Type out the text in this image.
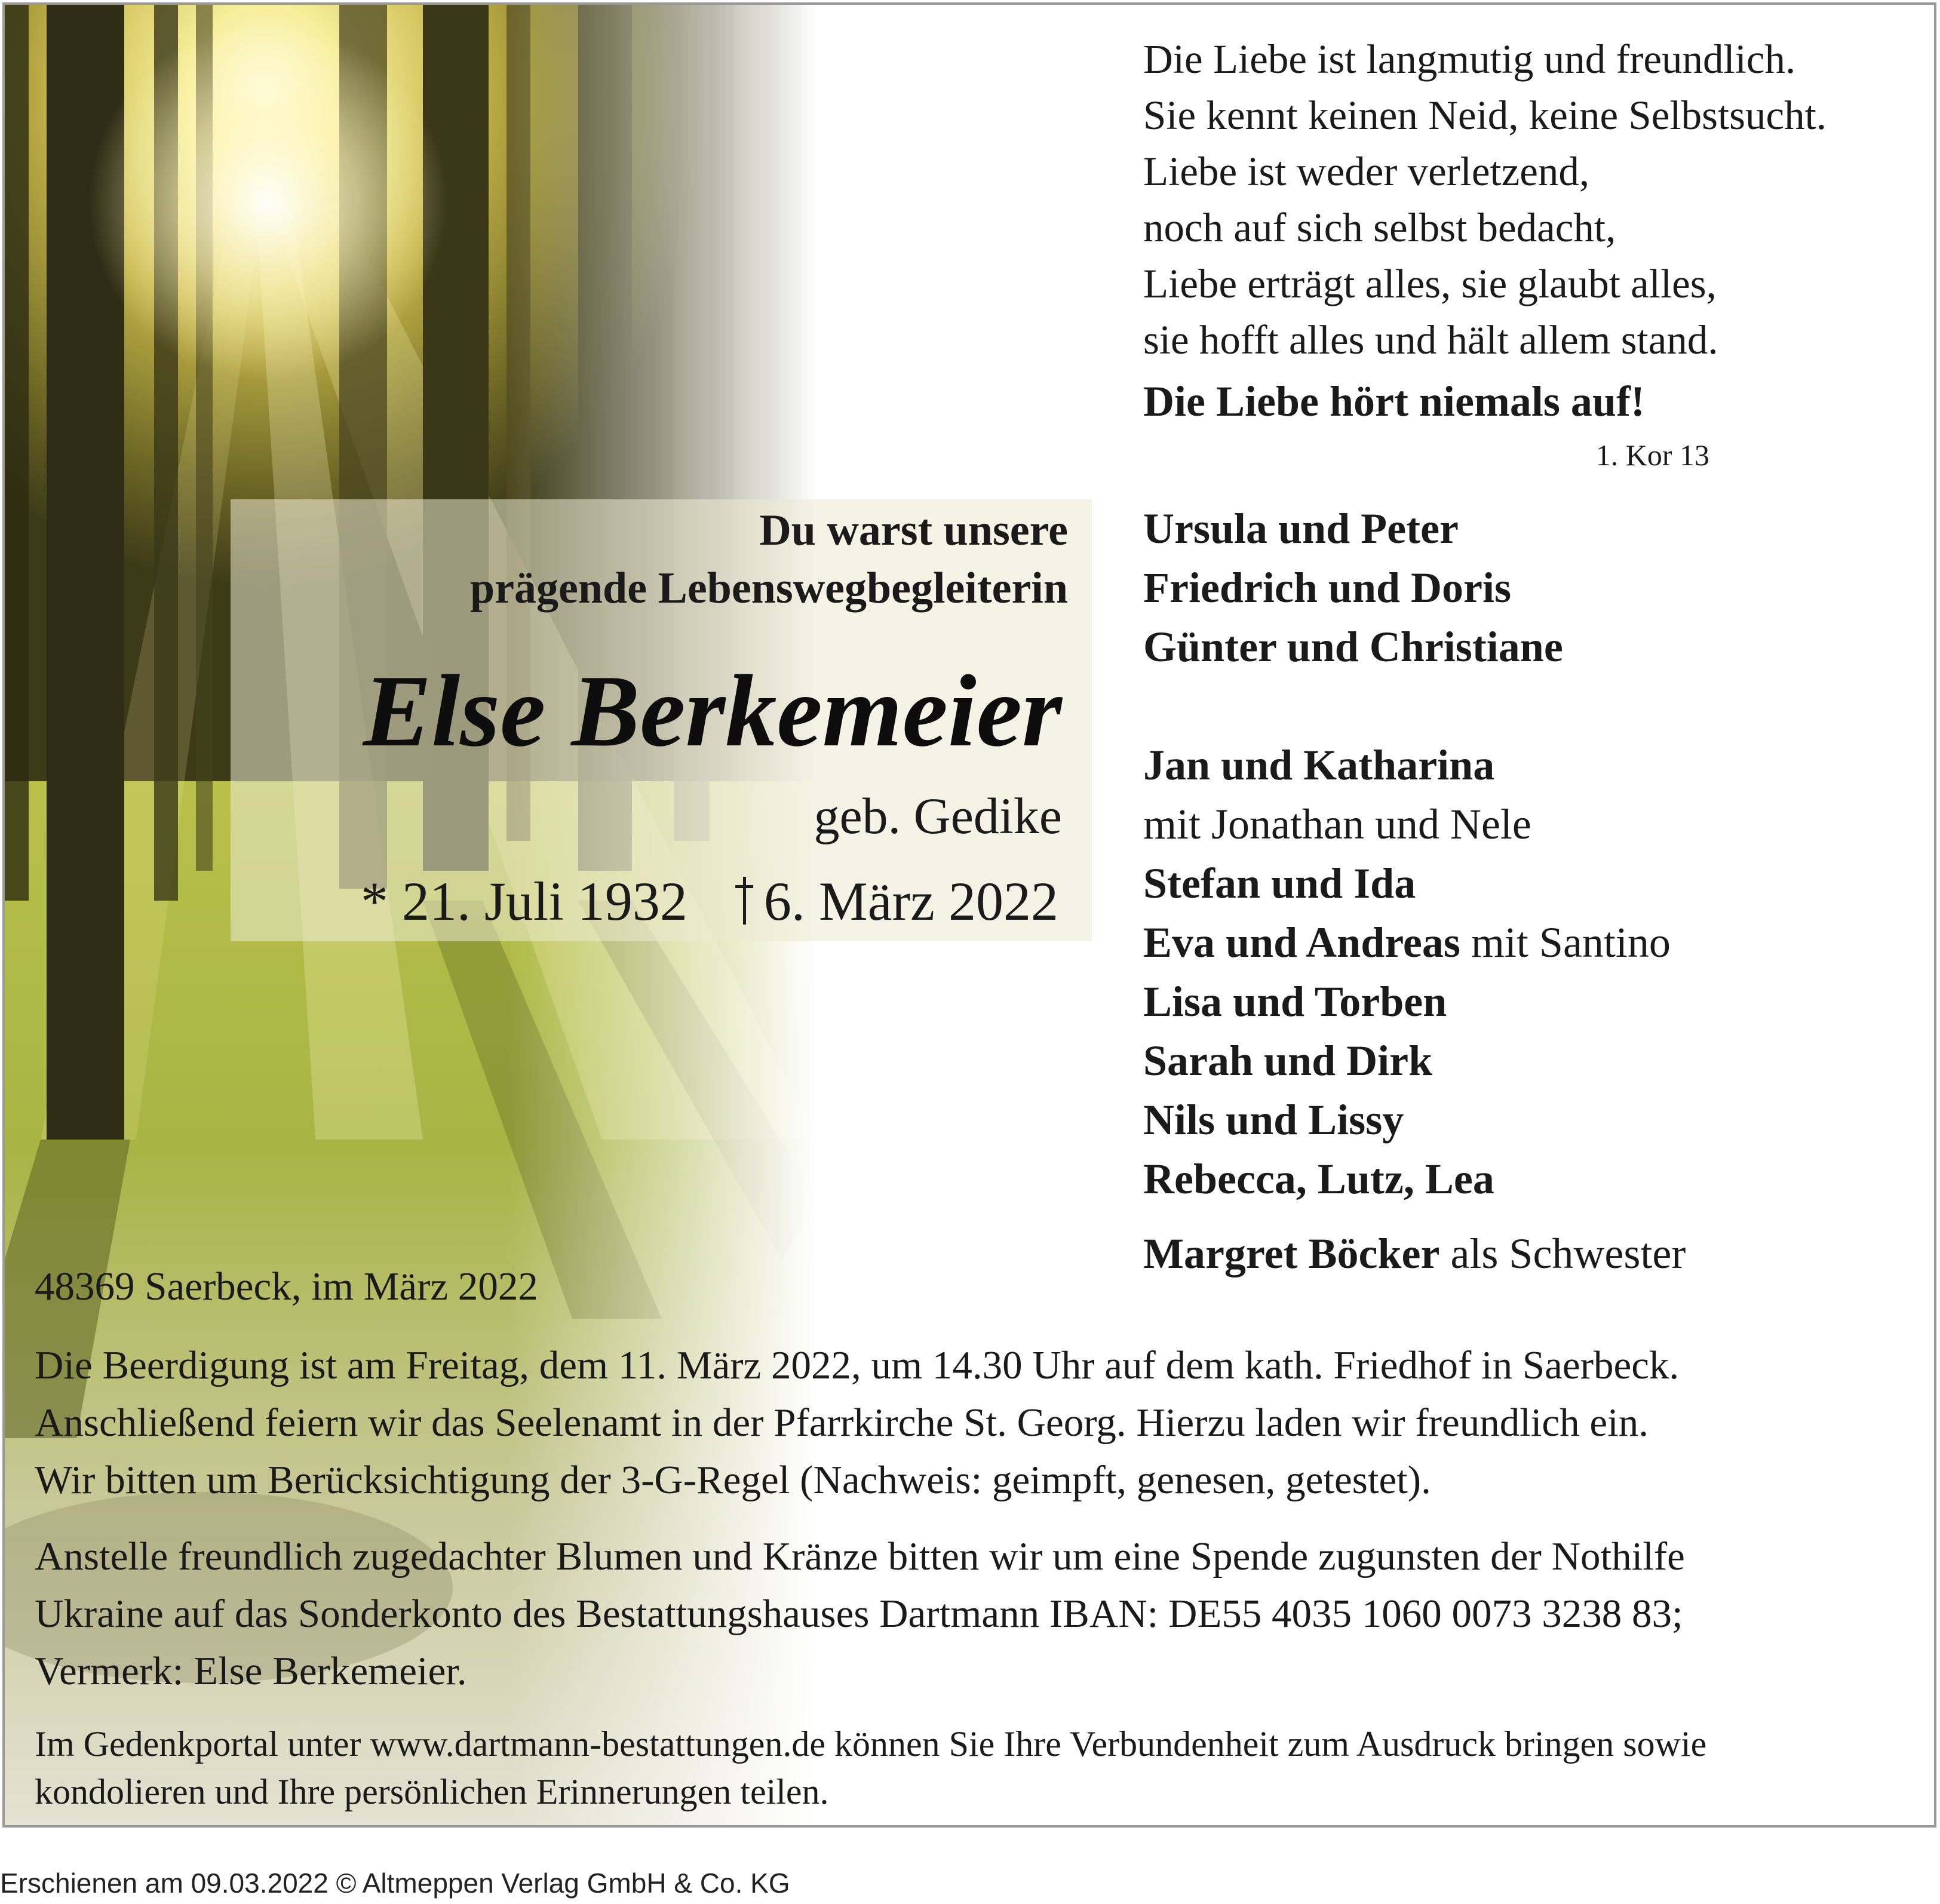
Du warst unsere
prägende Lebenswegbegleiterin
Else Berkemeier
geb. Gedike
* 21. Juli 1932 6. März 2022
Die Liebe ist langmutig und freundlich.
Sie kennt keinen Neid, keine Selbstsucht.
Liebe ist weder verletzend,
noch auf sich selbst bedacht,
Liebe erträgt alles, sie glaubt alles,
sie hofft alles und hält allem stand.
Die Liebe hört niemals auf!
1. Kor 13
Ursula und Peter
Friedrich und Doris
Günter und Christiane
Jan und Katharina
mit Jonathan und Nele
Stefan und Ida
Eva und Andreas mit Santino
Lisa und Torben
Sarah und Dirk
Nils und Lissy
Rebecca, Lutz, Lea
Margret Böcker als Schwester
48369 Saerbeck, im März 2022
Die Beerdigung ist am Freitag, dem 11. März 2022, um 14.30 Uhr auf dem kath. Friedhof in Saerbeck.
Anschließend feiern wir das Seelenamt in der Pfarrkirche St. Georg. Hierzu laden wir freundlich ein.
Wir bitten um Berücksichtigung der 3-G-Regel (Nachweis: geimpft, genesen, getestet).
Anstelle freundlich zugedachter Blumen und Kränze bitten wir um eine Spende zugunsten der Nothilfe
Ukraine auf das Sonderkonto des Bestattungshauses Dartmann IBAN: DE55 4035 1060 0073 3238 83;
Vermerk: Else Berkemeier.
Im Gedenkportal unter www.dartmann-bestattungen.de können Sie Ihre Verbundenheit zum Ausdruck bringen sowie
kondolieren und Ihre persönlichen Erinnerungen teilen.
Erschienen am 09.03.2022 © Altmeppen Verlag GmbH & Co. KG
